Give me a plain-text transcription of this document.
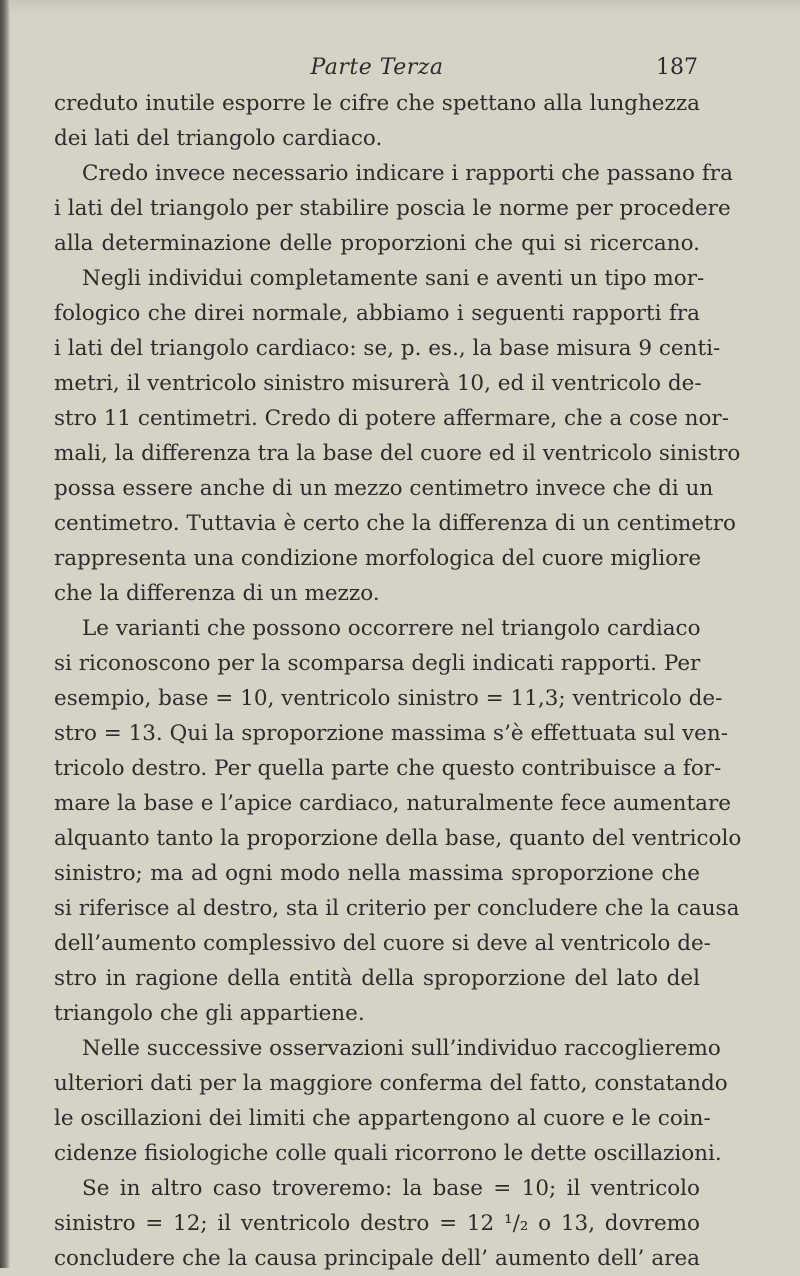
Parte Terza	187
creduto inutile esporre le cifre che spettano alla lunghezza
dei lati del triangolo cardiaco.
Credo invece necessario indicare i rapporti che passano fra
i lati del triangolo per stabilire poscia le norme per procedere
alla determinazione delle proporzioni che qui si ricercano.
Negli individui completamente sani e aventi un tipo mor-
fologico che direi normale, abbiamo i seguenti rapporti fra
i lati del triangolo cardiaco: se, p. es., la base misura 9 centi-
metri, il ventricolo sinistro misurerà 10, ed il ventricolo de-
stro 11 centimetri. Credo di potere affermare, che a cose nor-
mali, la differenza tra la base del cuore ed il ventricolo sinistro
possa essere anche di un mezzo centimetro invece che di un
centimetro. Tuttavia è certo che la differenza di un centimetro
rappresenta una condizione morfologica del cuore migliore
che la differenza di un mezzo.
Le varianti che possono occorrere nel triangolo cardiaco
si riconoscono per la scomparsa degli indicati rapporti. Per
esempio, base = 10, ventricolo sinistro = 11,3; ventricolo de-
stro = 13. Qui la sproporzione massima s’è effettuata sul ven-
tricolo destro. Per quella parte che questo contribuisce a for-
mare la base e l’apice cardiaco, naturalmente fece aumentare
alquanto tanto la proporzione della base, quanto del ventricolo
sinistro; ma ad ogni modo nella massima sproporzione che
si riferisce al destro, sta il criterio per concludere che la causa
dell’aumento complessivo del cuore si deve al ventricolo de-
stro in ragione della entità della sproporzione del lato del
triangolo che gli appartiene.
Nelle successive osservazioni sull’individuo raccoglieremo
ulteriori dati per la maggiore conferma del fatto, constatando
le oscillazioni dei limiti che appartengono al cuore e le coin-
cidenze fisiologiche colle quali ricorrono le dette oscillazioni.
Se in altro caso troveremo: la base = 10; il ventricolo
sinistro = 12; il ventricolo destro = 12 ¹/₂ o 13, dovremo
concludere che la causa principale dell’ aumento dell’ area
